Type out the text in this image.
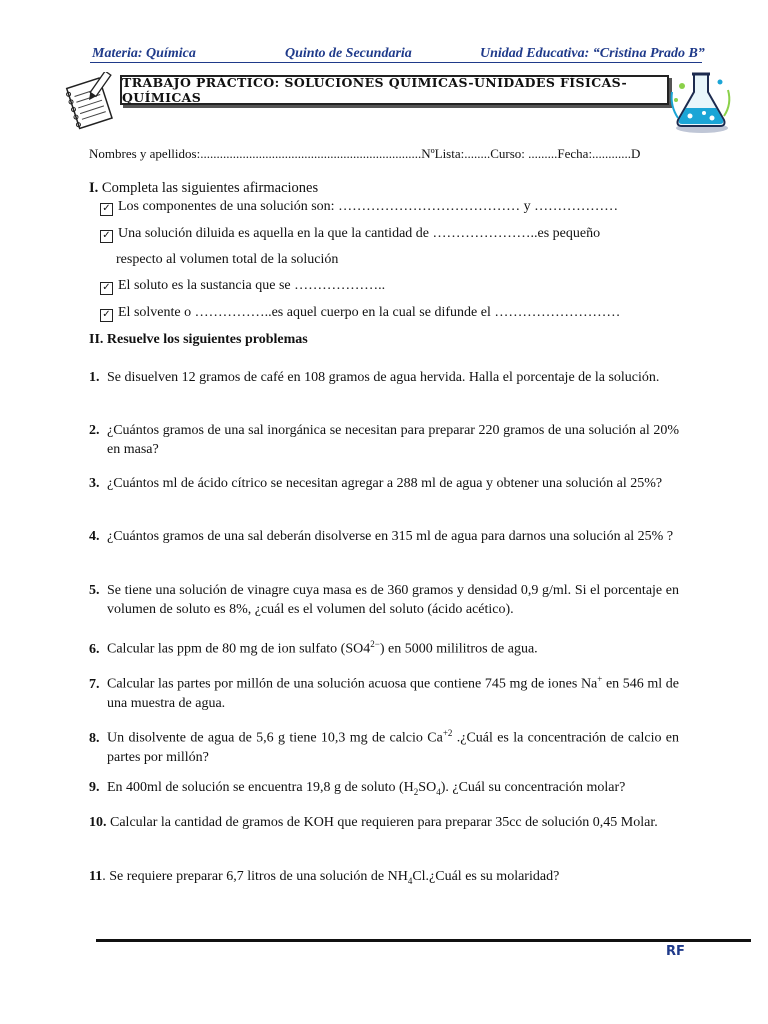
Materia: Química	Quinto de Secundaria	Unidad Educativa: “Cristina Prado B”
TRABAJO PRÁCTICO: SOLUCIONES QUIMICAS-UNIDADES FÍSICAS-QUÍMICAS
Nombres y apellidos:....................................................................NºLista:........Curso: .........Fecha:............D
I. Completa las siguientes afirmaciones
✓ Los componentes de una solución son: ………………………………… y ………………
✓ Una solución diluida es aquella en la que la cantidad de …………………..es pequeño
respecto al volumen total de la solución
✓ El soluto es la sustancia que se ………………..
✓ El solvente o ……………..es aquel cuerpo en la cual se difunde el ………………………
II. Resuelve los siguientes problemas
1. Se disuelven 12 gramos de café en 108 gramos de agua hervida. Halla el porcentaje de la solución.
2. ¿Cuántos gramos de una sal inorgánica se necesitan para preparar 220 gramos de una solución al 20% en masa?
3. ¿Cuántos ml de ácido cítrico se necesitan agregar a 288 ml de agua y obtener una solución al 25%?
4. ¿Cuántos gramos de una sal deberán disolverse en 315 ml de agua para darnos una solución al 25% ?
5. Se tiene una solución de vinagre cuya masa es de 360 gramos y densidad 0,9 g/ml. Si el porcentaje en volumen de soluto es 8%, ¿cuál es el volumen del soluto (ácido acético).
6. Calcular las ppm de 80 mg de ion sulfato $(SO4^{2-})$ en 5000 mililitros de agua.
7. Calcular las partes por millón de una solución acuosa que contiene 745 mg de iones Na+ en 546 ml de una muestra de agua.
8. Un disolvente de agua de 5,6 g tiene 10,3 mg de calcio $Ca^{+2}$ .¿Cuál es la concentración de calcio en partes por millón?
9. En 400ml de solución se encuentra 19,8 g de soluto $(H_2SO_4)$. ¿Cuál su concentración molar?
10. Calcular la cantidad de gramos de KOH que requieren para preparar 35cc de solución 0,45 Molar.
11. Se requiere preparar 6,7 litros de una solución de $NH_4Cl.¿Cuál$ es su molaridad?
RF
